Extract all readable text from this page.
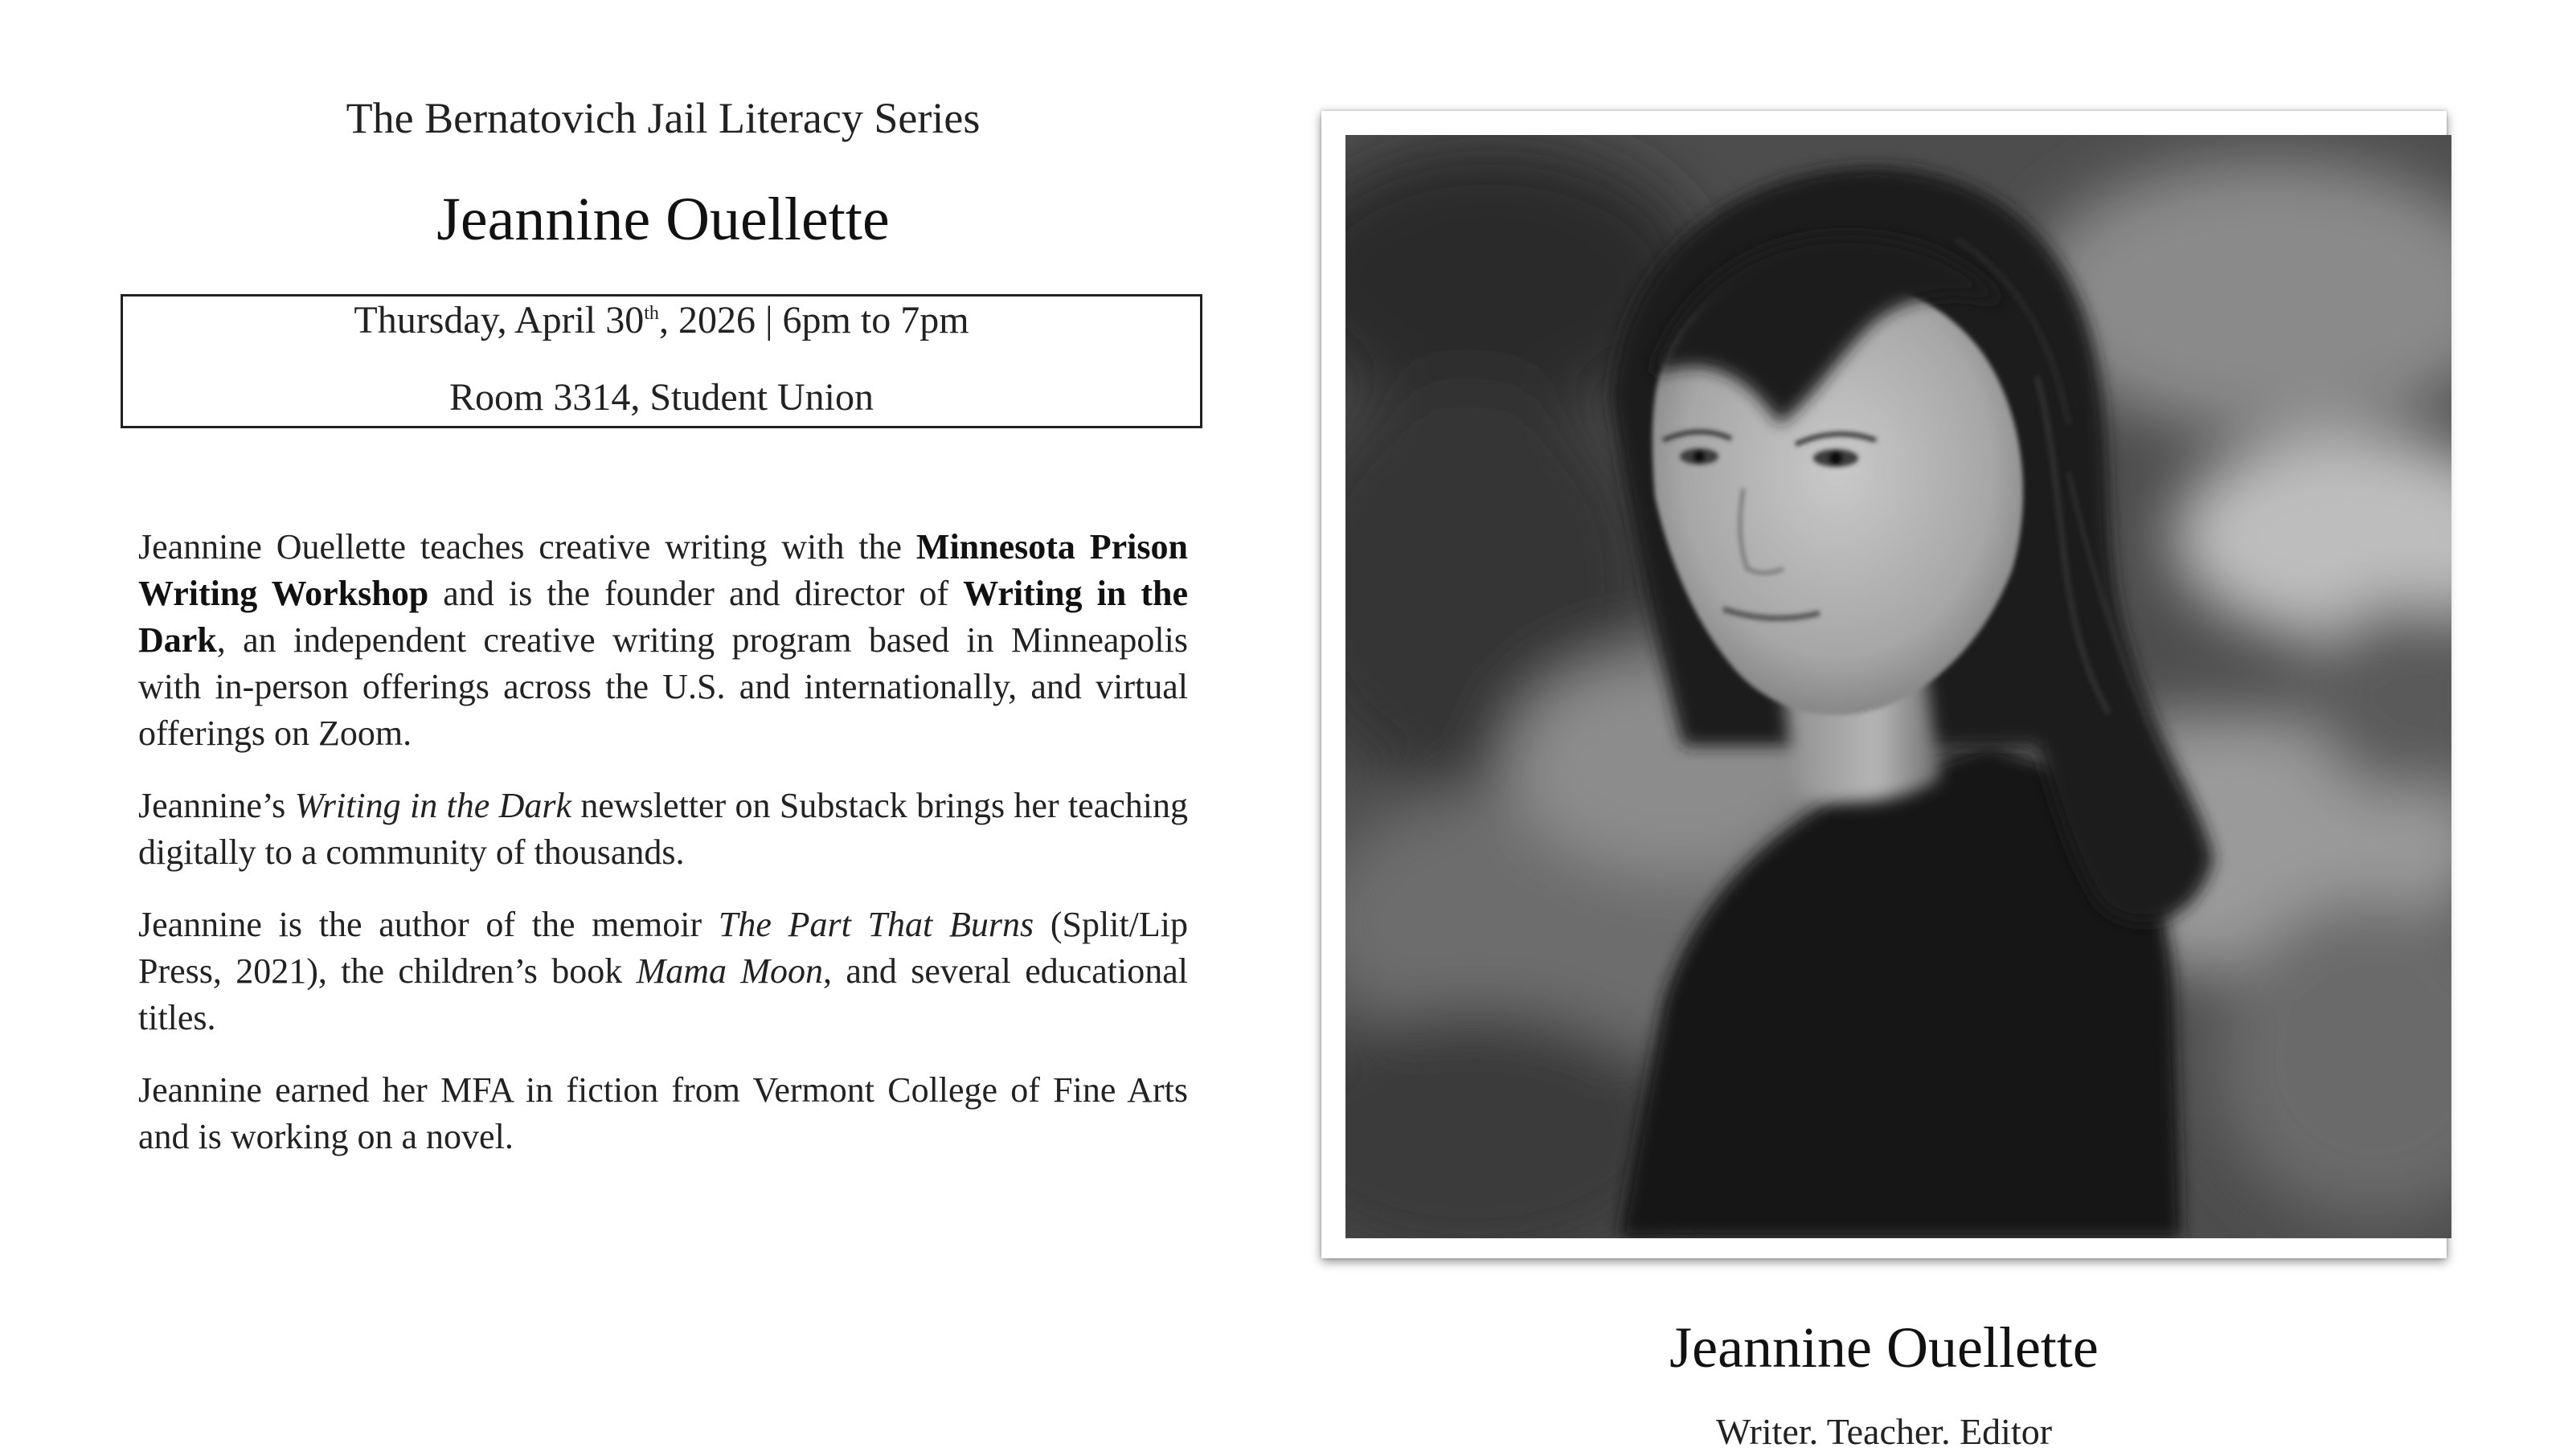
The Bernatovich Jail Literacy Series
Jeannine Ouellette
Thursday, April 30th, 2026 | 6pm to 7pm
Room 3314, Student Union

Jeannine Ouellette teaches creative writing with the Minnesota Prison Writing Workshop and is the founder and director of Writing in the Dark, an independent creative writing program based in Minneapolis with in-person offerings across the U.S. and internationally, and virtual offerings on Zoom.

Jeannine’s Writing in the Dark newsletter on Substack brings her teaching digitally to a community of thousands.

Jeannine is the author of the memoir The Part That Burns (Split/Lip Press, 2021), the children’s book Mama Moon, and several educational titles.

Jeannine earned her MFA in fiction from Vermont College of Fine Arts and is working on a novel.

Jeannine Ouellette
Writer. Teacher. Editor
